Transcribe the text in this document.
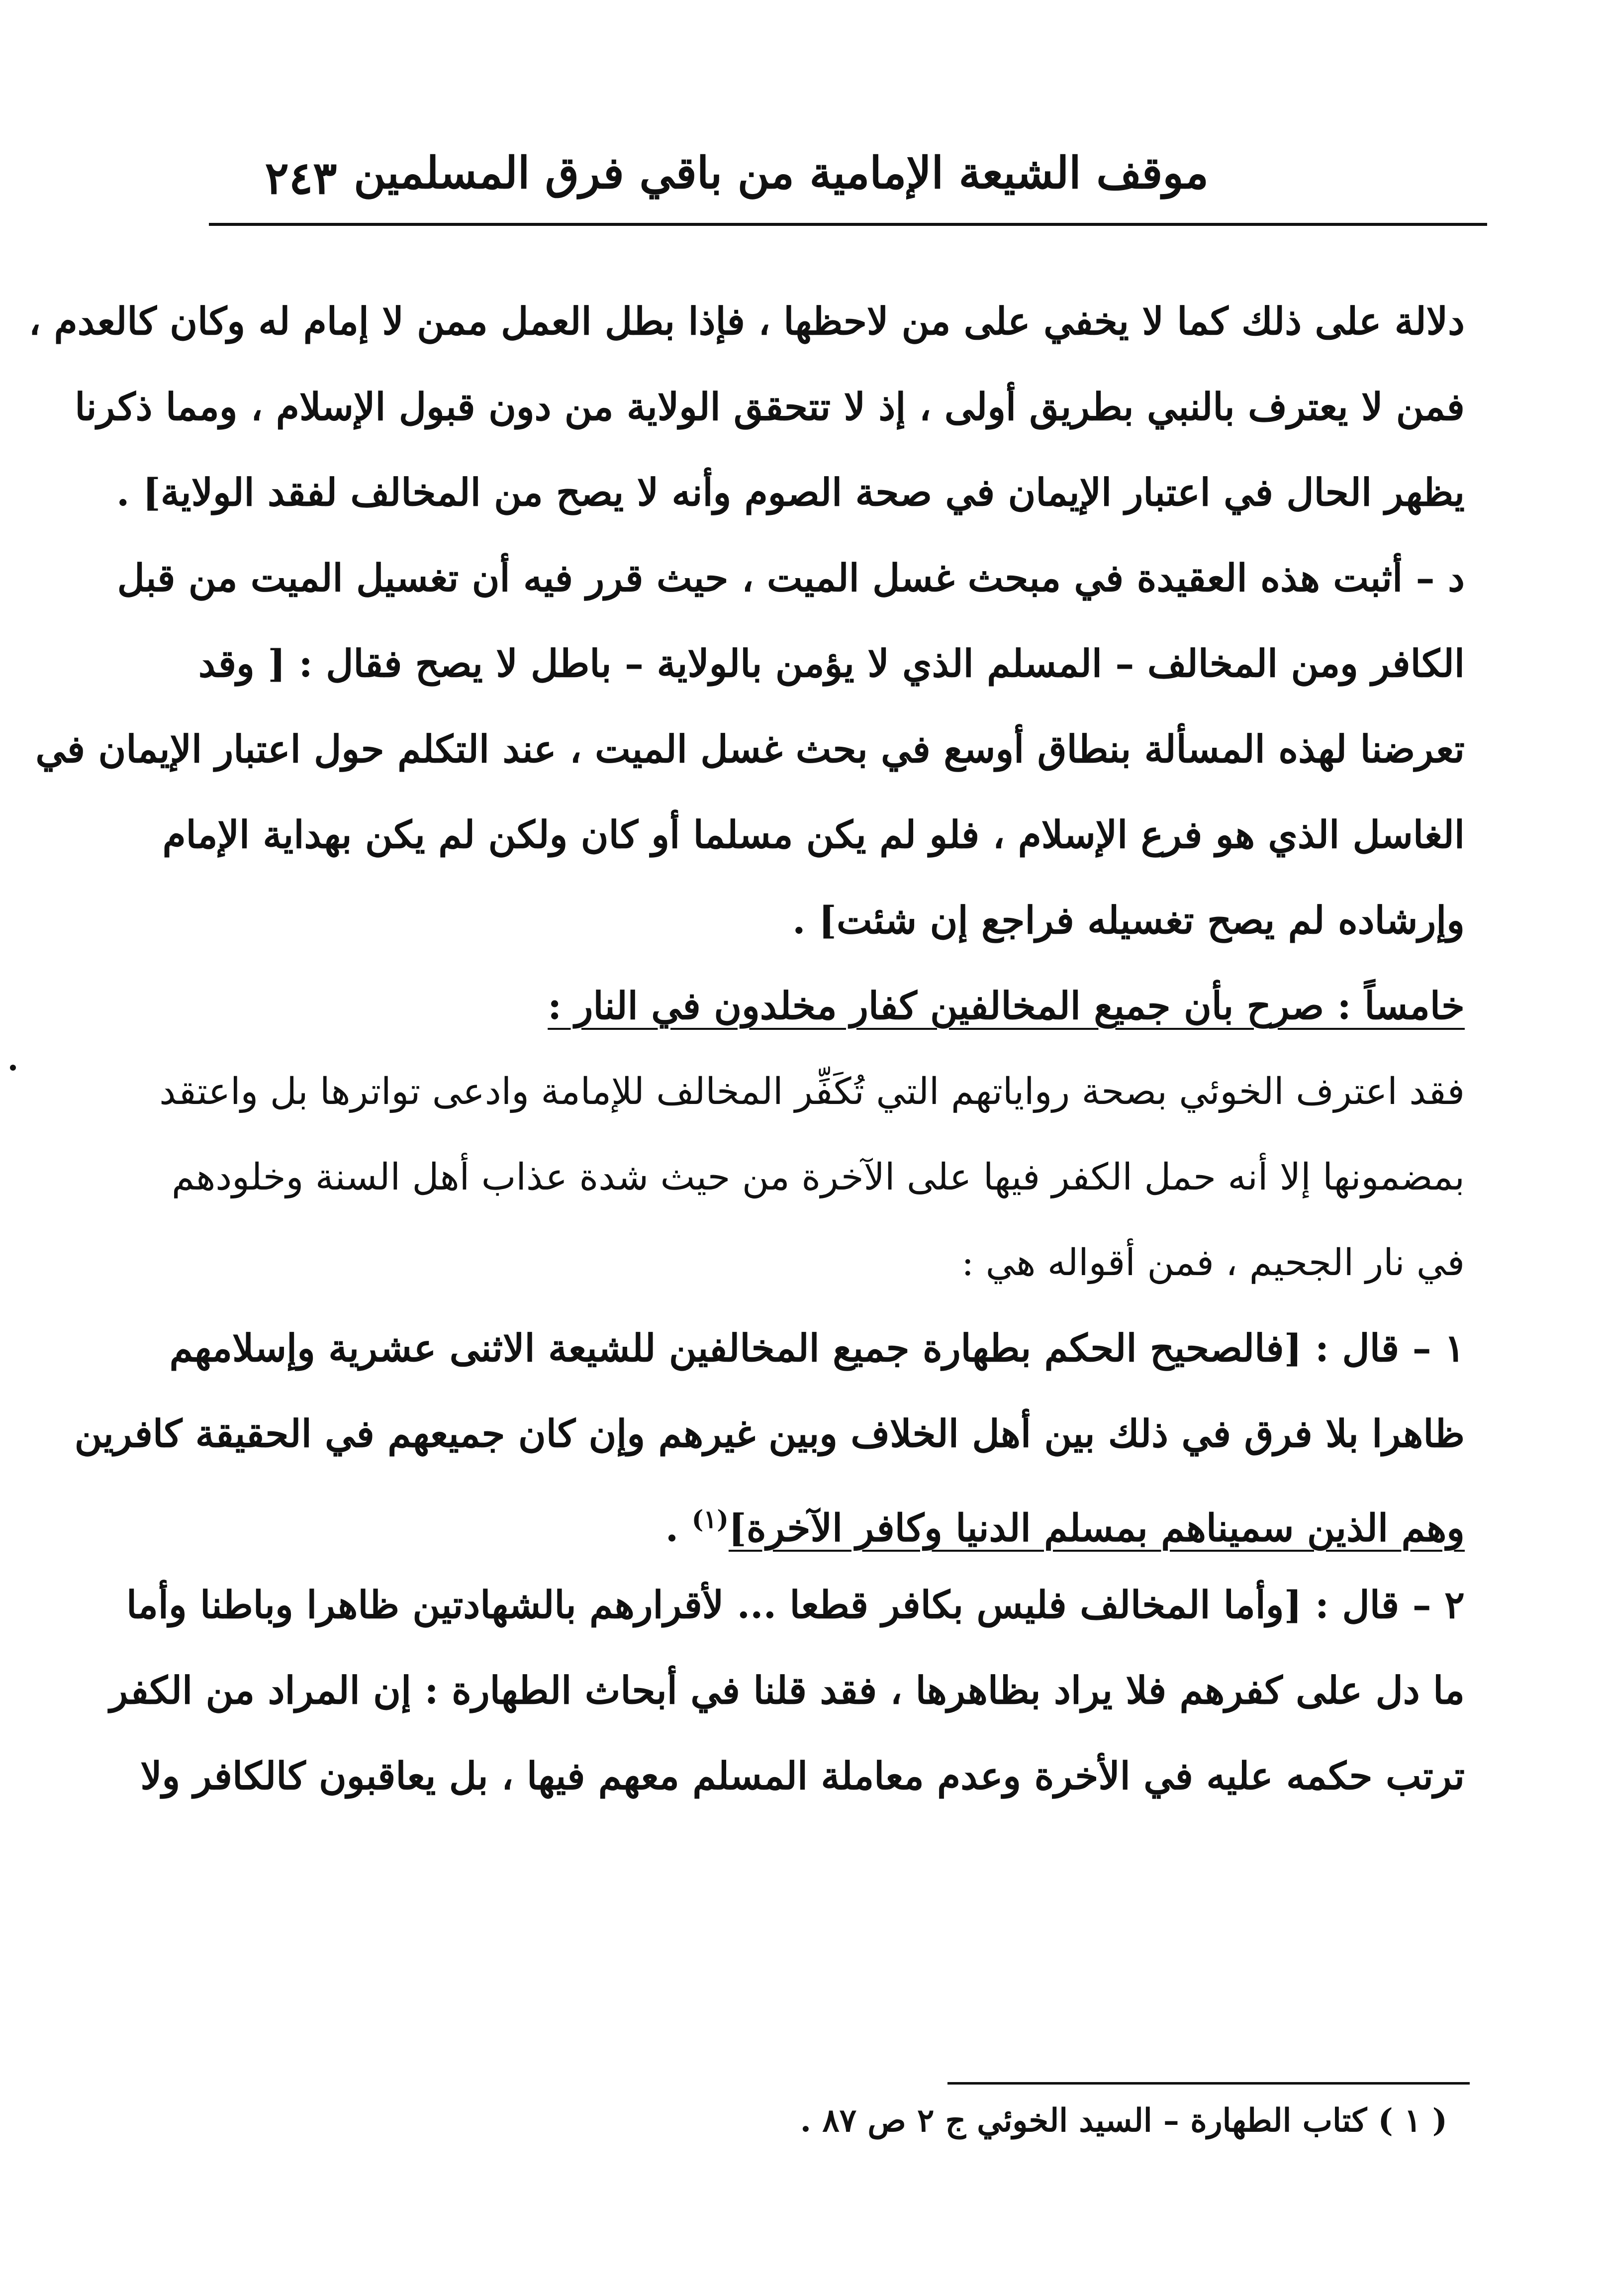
موقف الشيعة الإمامية من باقي فرق المسلمين
٢٤٣
دلالة على ذلك كما لا يخفي على من لاحظها ، فإذا بطل العمل ممن لا إمام له وكان كالعدم ،
فمن لا يعترف بالنبي بطريق أولى ، إذ لا تتحقق الولاية من دون قبول الإسلام ، ومما ذكرنا
يظهر الحال في اعتبار الإيمان في صحة الصوم وأنه لا يصح من المخالف لفقد الولاية] .
د – أثبت هذه العقيدة في مبحث غسل الميت ، حيث قرر فيه أن تغسيل الميت من قبل
الكافر ومن المخالف – المسلم الذي لا يؤمن بالولاية – باطل لا يصح فقال : [ وقد
تعرضنا لهذه المسألة بنطاق أوسع في بحث غسل الميت ، عند التكلم حول اعتبار الإيمان في
الغاسل الذي هو فرع الإسلام ، فلو لم يكن مسلما أو كان ولكن لم يكن بهداية الإمام
وإرشاده لم يصح تغسيله فراجع إن شئت] .
خامساً : صرح بأن جميع المخالفين كفار مخلدون في النار :
فقد اعترف الخوئي بصحة رواياتهم التي تُكَفِّر المخالف للإمامة وادعى تواترها بل واعتقد
بمضمونها إلا أنه حمل الكفر فيها على الآخرة من حيث شدة عذاب أهل السنة وخلودهم
في نار الجحيم ، فمن أقواله هي :
١ – قال : [فالصحيح الحكم بطهارة جميع المخالفين للشيعة الاثنى عشرية وإسلامهم
ظاهرا بلا فرق في ذلك بين أهل الخلاف وبين غيرهم وإن كان جميعهم في الحقيقة كافرين
وهم الذين سميناهم بمسلم الدنيا وكافر الآخرة]$^{(١)}$ .
٢ – قال : [وأما المخالف فليس بكافر قطعا ... لأقرارهم بالشهادتين ظاهرا وباطنا وأما
ما دل على كفرهم فلا يراد بظاهرها ، فقد قلنا في أبحاث الطهارة : إن المراد من الكفر
ترتب حكمه عليه في الأخرة وعدم معاملة المسلم معهم فيها ، بل يعاقبون كالكافر ولا
( ١ ) كتاب الطهارة – السيد الخوئي ج ٢ ص ٨٧ .
